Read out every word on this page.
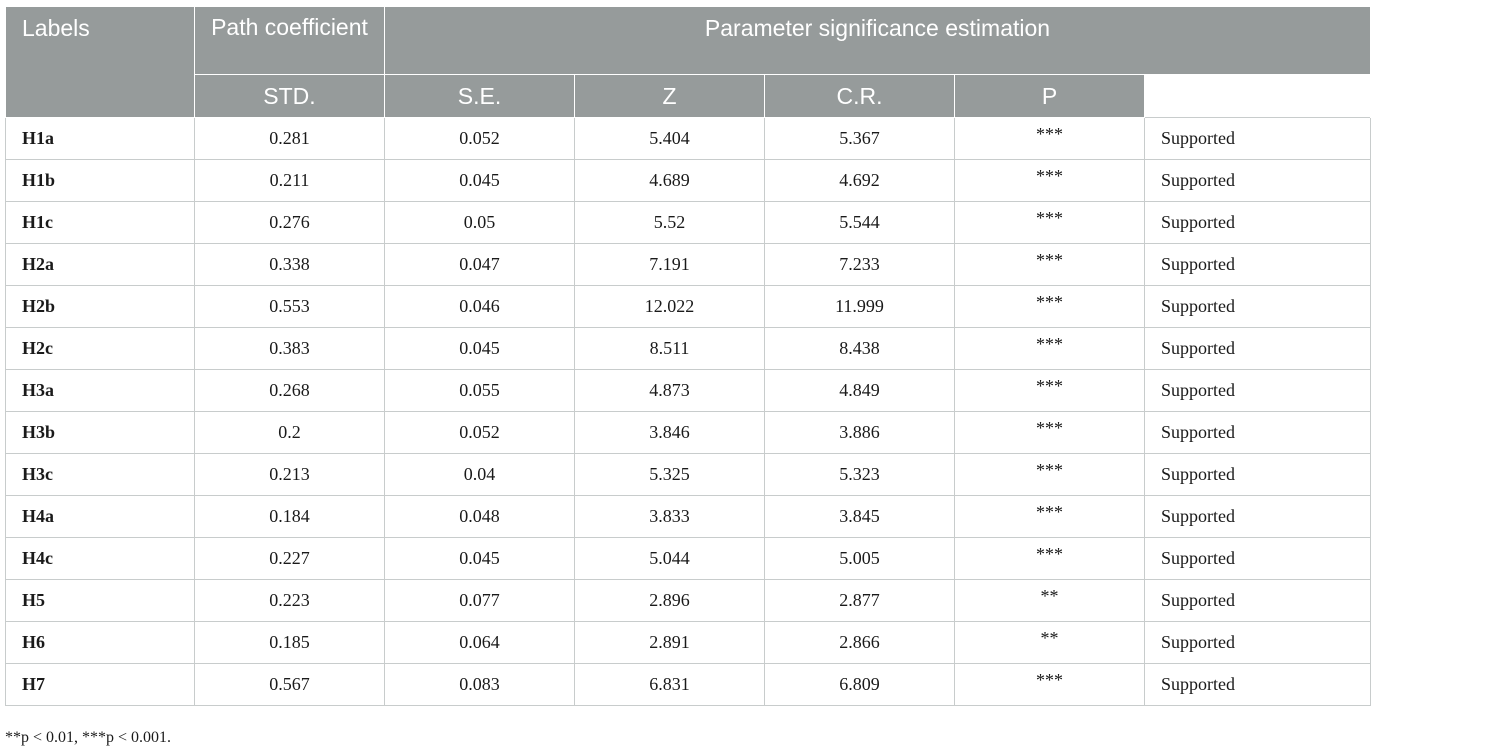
Labels	Path coefficient	Parameter significance estimation					Hypothesis
	STD.	S.E.	Z	C.R.	P		
H1a	0.281	0.052	5.404	5.367	***	Supported	
H1b	0.211	0.045	4.689	4.692	***	Supported	
H1c	0.276	0.05	5.52	5.544	***	Supported	
H2a	0.338	0.047	7.191	7.233	***	Supported	
H2b	0.553	0.046	12.022	11.999	***	Supported	
H2c	0.383	0.045	8.511	8.438	***	Supported	
H3a	0.268	0.055	4.873	4.849	***	Supported	
H3b	0.2	0.052	3.846	3.886	***	Supported	
H3c	0.213	0.04	5.325	5.323	***	Supported	
H4a	0.184	0.048	3.833	3.845	***	Supported	
H4c	0.227	0.045	5.044	5.005	***	Supported	
H5	0.223	0.077	2.896	2.877	**	Supported	
H6	0.185	0.064	2.891	2.866	**	Supported	
H7	0.567	0.083	6.831	6.809	***	Supported	
**p < 0.01, ***p < 0.001.
